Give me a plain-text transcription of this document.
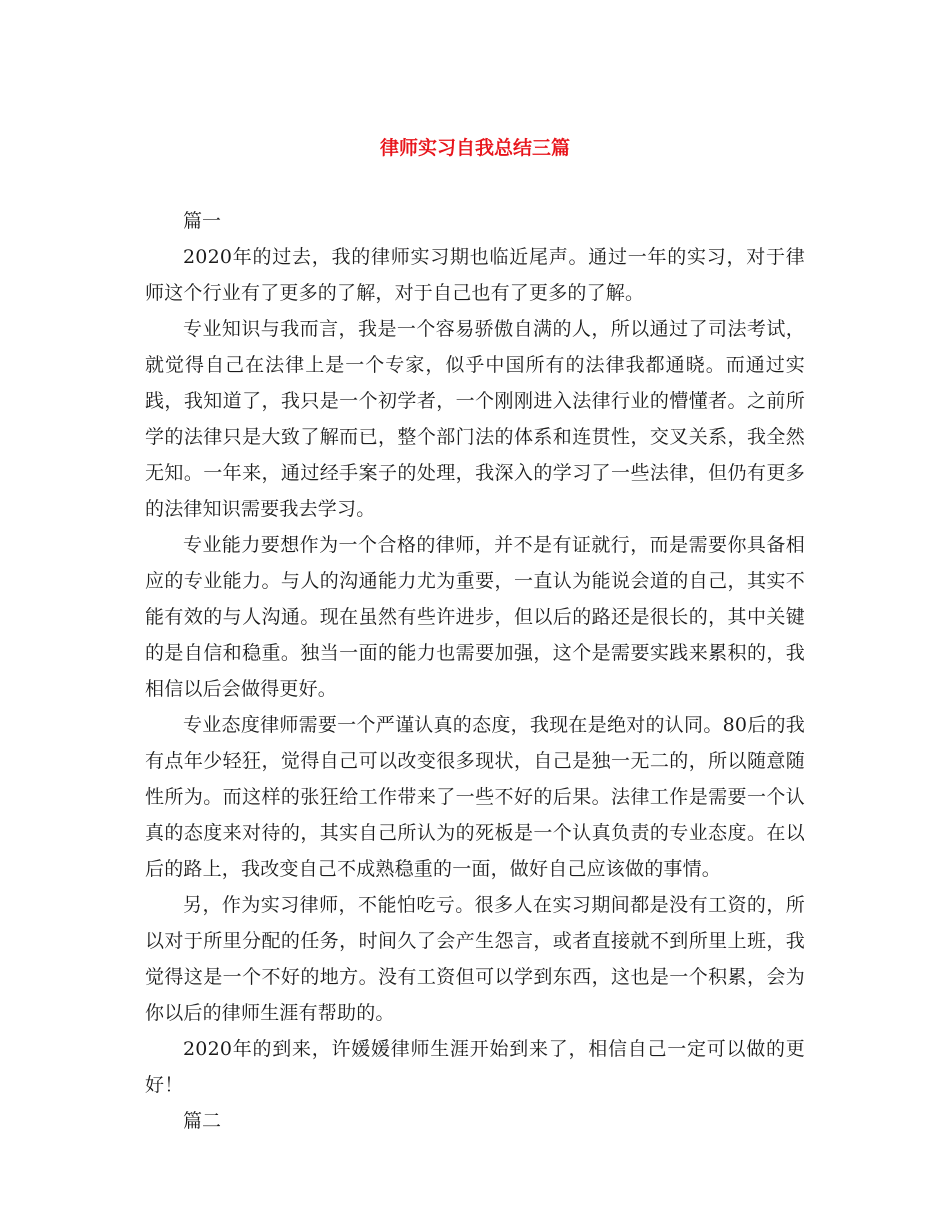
律师实习自我总结三篇

篇一

2020年的过去，我的律师实习期也临近尾声。通过一年的实习，对于律师这个行业有了更多的了解，对于自己也有了更多的了解。

专业知识与我而言，我是一个容易骄傲自满的人，所以通过了司法考试，就觉得自己在法律上是一个专家，似乎中国所有的法律我都通晓。而通过实践，我知道了，我只是一个初学者，一个刚刚进入法律行业的懵懂者。之前所学的法律只是大致了解而已，整个部门法的体系和连贯性，交叉关系，我全然无知。一年来，通过经手案子的处理，我深入的学习了一些法律，但仍有更多的法律知识需要我去学习。

专业能力要想作为一个合格的律师，并不是有证就行，而是需要你具备相应的专业能力。与人的沟通能力尤为重要，一直认为能说会道的自己，其实不能有效的与人沟通。现在虽然有些许进步，但以后的路还是很长的，其中关键的是自信和稳重。独当一面的能力也需要加强，这个是需要实践来累积的，我相信以后会做得更好。

专业态度律师需要一个严谨认真的态度，我现在是绝对的认同。80后的我有点年少轻狂，觉得自己可以改变很多现状，自己是独一无二的，所以随意随性所为。而这样的张狂给工作带来了一些不好的后果。法律工作是需要一个认真的态度来对待的，其实自己所认为的死板是一个认真负责的专业态度。在以后的路上，我改变自己不成熟稳重的一面，做好自己应该做的事情。

另，作为实习律师，不能怕吃亏。很多人在实习期间都是没有工资的，所以对于所里分配的任务，时间久了会产生怨言，或者直接就不到所里上班，我觉得这是一个不好的地方。没有工资但可以学到东西，这也是一个积累，会为你以后的律师生涯有帮助的。

2020年的到来，许媛媛律师生涯开始到来了，相信自己一定可以做的更好！

篇二
